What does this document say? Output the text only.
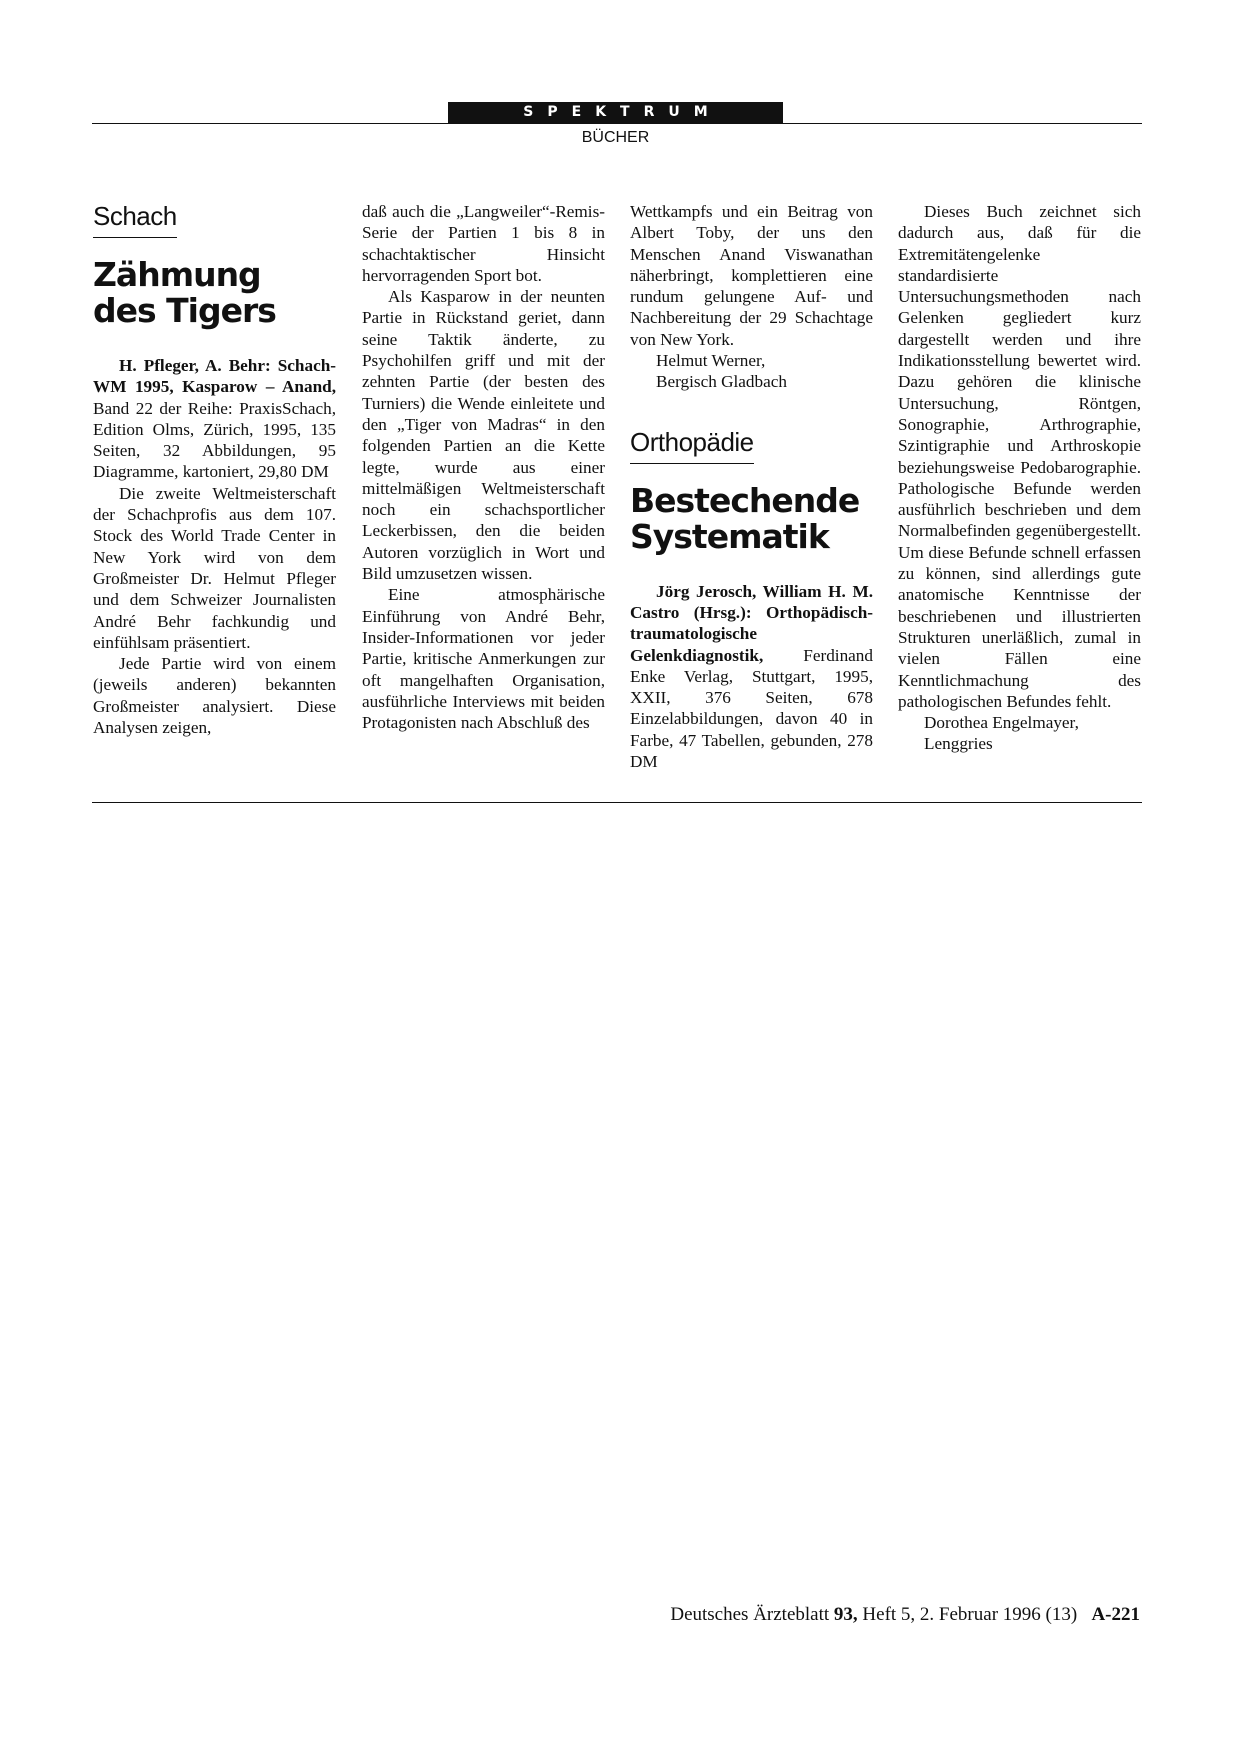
SPEKTRUM
BÜCHER
Schach
Zähmung
des Tigers

H. Pfleger, A. Behr: Schach-WM 1995, Kasparow – Anand, Band 22 der Reihe: PraxisSchach, Edition Olms, Zürich, 1995, 135 Seiten, 32 Abbildungen, 95 Diagramme, kartoniert, 29,80 DM

Die zweite Weltmeisterschaft der Schachprofis aus dem 107. Stock des World Trade Center in New York wird von dem Großmeister Dr. Helmut Pfleger und dem Schweizer Journalisten André Behr fachkundig und einfühlsam präsentiert.

Jede Partie wird von einem (jeweils anderen) bekannten Großmeister analysiert. Diese Analysen zeigen,

daß auch die „Langweiler“-Remis-Serie der Partien 1 bis 8 in schachtaktischer Hinsicht hervorragenden Sport bot.

Als Kasparow in der neunten Partie in Rückstand geriet, dann seine Taktik änderte, zu Psychohilfen griff und mit der zehnten Partie (der besten des Turniers) die Wende einleitete und den „Tiger von Madras“ in den folgenden Partien an die Kette legte, wurde aus einer mittelmäßigen Weltmeisterschaft noch ein schachsportlicher Leckerbissen, den die beiden Autoren vorzüglich in Wort und Bild umzusetzen wissen.

Eine atmosphärische Einführung von André Behr, Insider-Informationen vor jeder Partie, kritische Anmerkungen zur oft mangelhaften Organisation, ausführliche Interviews mit beiden Protagonisten nach Abschluß des

Wettkampfs und ein Beitrag von Albert Toby, der uns den Menschen Anand Viswanathan näherbringt, komplettieren eine rundum gelungene Auf- und Nachbereitung der 29 Schachtage von New York.

Helmut Werner,

Bergisch Gladbach

Orthopädie
Bestechende
Systematik

Jörg Jerosch, William H. M. Castro (Hrsg.): Orthopädisch-traumatologische Gelenkdiagnostik, Ferdinand Enke Verlag, Stuttgart, 1995, XXII, 376 Seiten, 678 Einzelabbildungen, davon 40 in Farbe, 47 Tabellen, gebunden, 278 DM

Dieses Buch zeichnet sich dadurch aus, daß für die Extremitätengelenke standardisierte Untersuchungsmethoden nach Gelenken gegliedert kurz dargestellt werden und ihre Indikationsstellung bewertet wird. Dazu gehören die klinische Untersuchung, Röntgen, Sonographie, Arthrographie, Szintigraphie und Arthroskopie beziehungsweise Pedobarographie. Pathologische Befunde werden ausführlich beschrieben und dem Normalbefinden gegenübergestellt. Um diese Befunde schnell erfassen zu können, sind allerdings gute anatomische Kenntnisse der beschriebenen und illustrierten Strukturen unerläßlich, zumal in vielen Fällen eine Kenntlichmachung des pathologischen Befundes fehlt.

Dorothea Engelmayer,

Lenggries

Deutsches Ärzteblatt 93, Heft 5, 2. Februar 1996 (13) A-221
